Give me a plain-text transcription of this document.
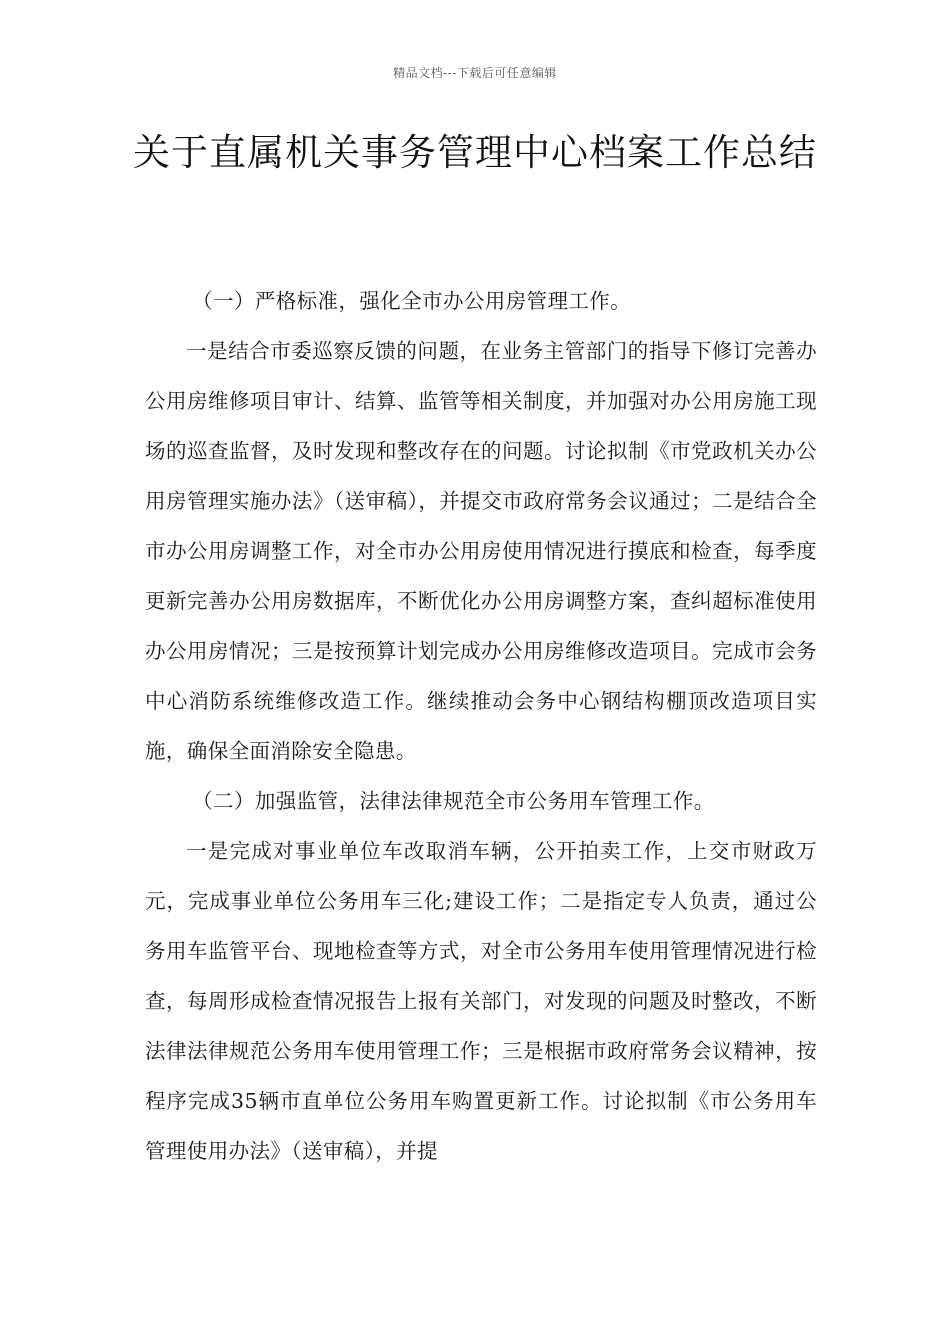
精品文档---下载后可任意编辑
关于直属机关事务管理中心档案工作总结

（一）严格标准，强化全市办公用房管理工作。

一是结合市委巡察反馈的问题，在业务主管部门的指导下修订完善办公用房维修项目审计、结算、监管等相关制度，并加强对办公用房施工现场的巡查监督，及时发现和整改存在的问题。讨论拟制《市党政机关办公用房管理实施办法》（送审稿），并提交市政府常务会议通过；二是结合全市办公用房调整工作，对全市办公用房使用情况进行摸底和检查，每季度更新完善办公用房数据库，不断优化办公用房调整方案，查纠超标准使用办公用房情况；三是按预算计划完成办公用房维修改造项目。完成市会务中心消防系统维修改造工作。继续推动会务中心钢结构棚顶改造项目实施，确保全面消除安全隐患。

（二）加强监管，法律法律规范全市公务用车管理工作。

一是完成对事业单位车改取消车辆，公开拍卖工作，上交市财政万元，完成事业单位公务用车三化;建设工作；二是指定专人负责，通过公务用车监管平台、现地检查等方式，对全市公务用车使用管理情况进行检查，每周形成检查情况报告上报有关部门，对发现的问题及时整改，不断法律法律规范公务用车使用管理工作；三是根据市政府常务会议精神，按程序完成35辆市直单位公务用车购置更新工作。讨论拟制《市公务用车管理使用办法》（送审稿），并提
